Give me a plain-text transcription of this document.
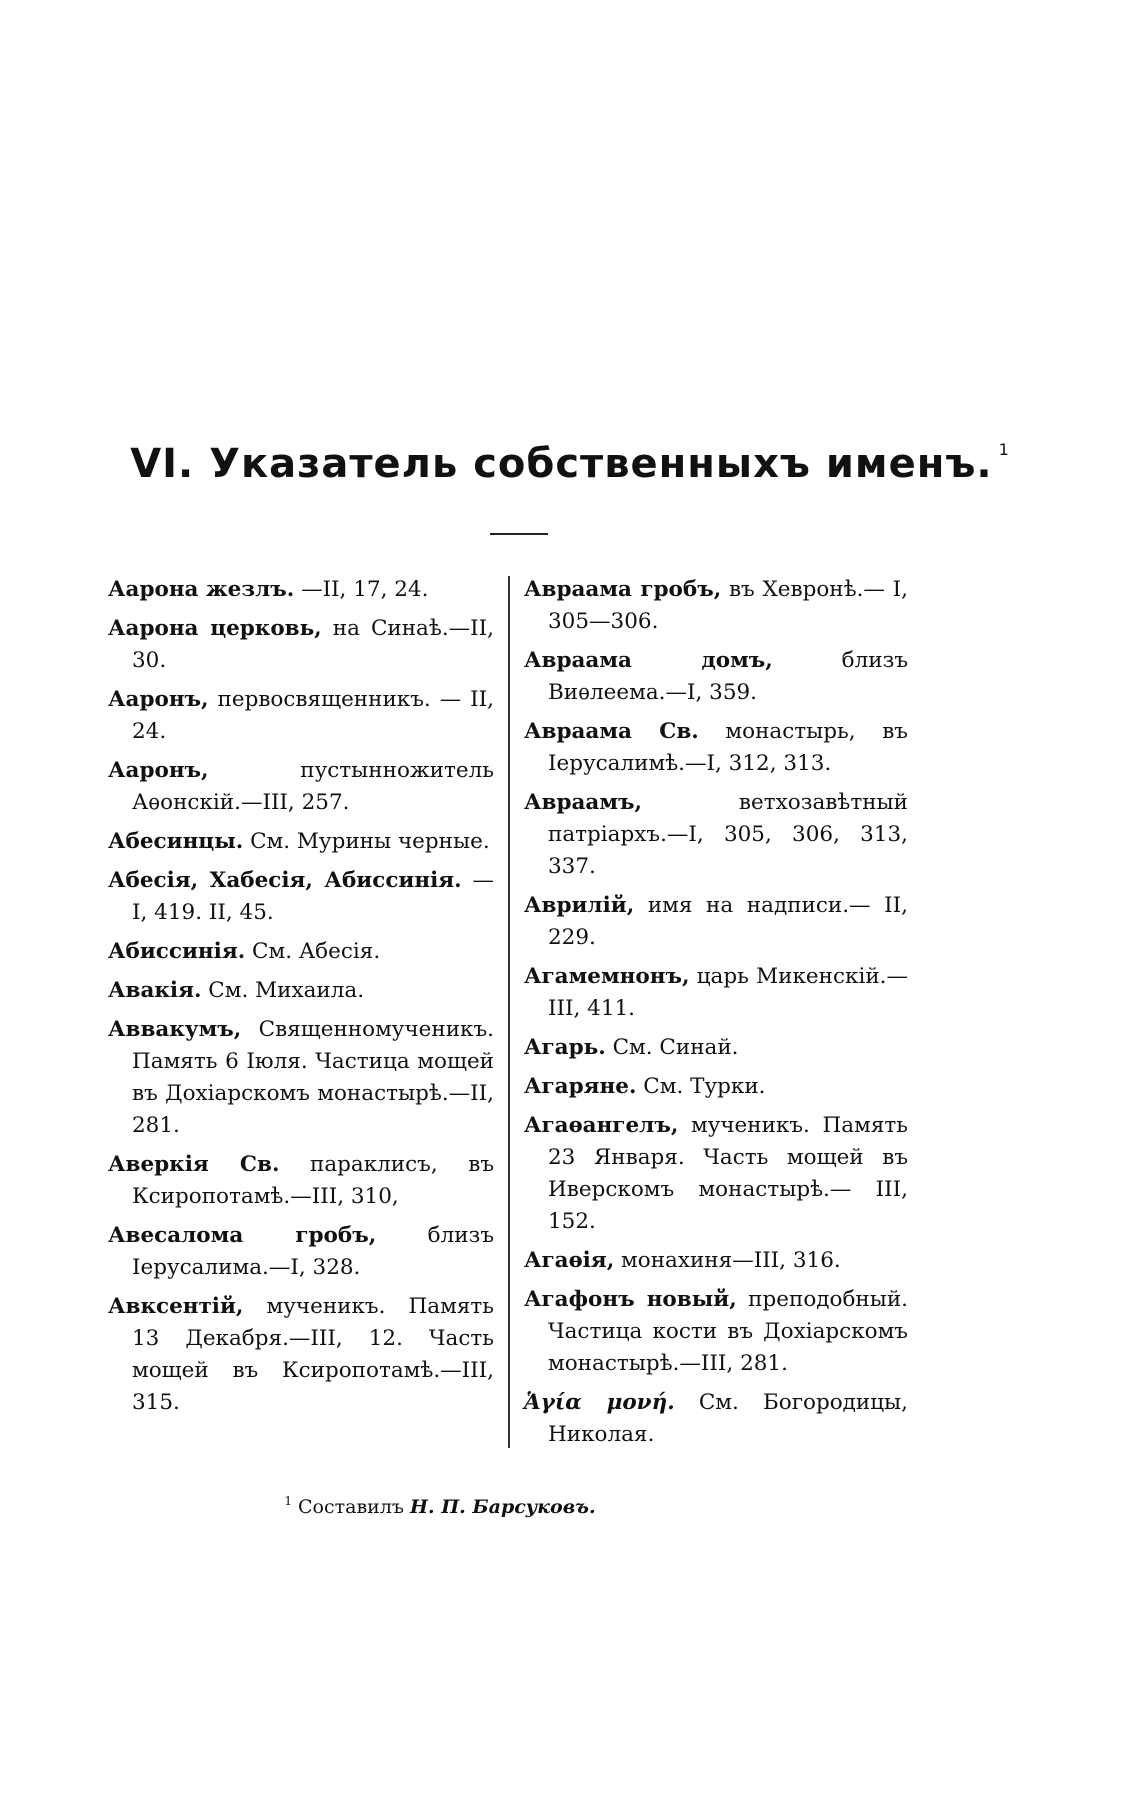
VI. Указатель собственныхъ именъ. $^1$

Аарона жезлъ. —II, 17, 24.

Аарона церковь, на Синаѣ.—II, 30.

Ааронъ, первосвященникъ. — II, 24.

Ааронъ,	пустынножитель Аѳонскій.—III, 257.

Абесинцы. См. Мурины черные.

Абесія, Хабесія, Абиссинія. — I, 419. II, 45.

Абиссинія. См. Абесія.

Авакія. См. Михаила.

Аввакумъ, Священномученикъ. Память 6 Іюля. Частица мощей въ Дохіарскомъ монастырѣ.—II, 281.

Аверкія Св. параклисъ, въ Ксиропотамѣ.—III, 310,

Авесалома гробъ, близъ Іерусалима.—I, 328.

Авксентій, мученикъ. Память 13 Декабря.—III, 12. Часть мощей въ Ксиропотамѣ.—III, 315.

Авраама гробъ, въ Хевронѣ.— I, 305—306.

Авраама домъ,	близъ Виѳлеема.—I, 359.

Авраама Св. монастырь, въ Іерусалимѣ.—I, 312, 313.

Авраамъ,	ветхозавѣтный патріархъ.—I, 305, 306, 313, 337.

Аврилій, имя на надписи.— II, 229.

Агамемнонъ, царь Микенскій.— III, 411.

Агарь. См. Синай.

Агаряне. См. Турки.

Агаѳангелъ, мученикъ. Память 23 Января. Часть мощей въ Иверскомъ монастырѣ.— III, 152.

Агаѳія, монахиня—III, 316.

Агафонъ новый, преподобный. Частица кости въ Дохіарскомъ монастырѣ.—III, 281.

Ἁγία μονή. См. Богородицы, Николая.

$^1$ Составилъ Н. П. Барсуковъ.
